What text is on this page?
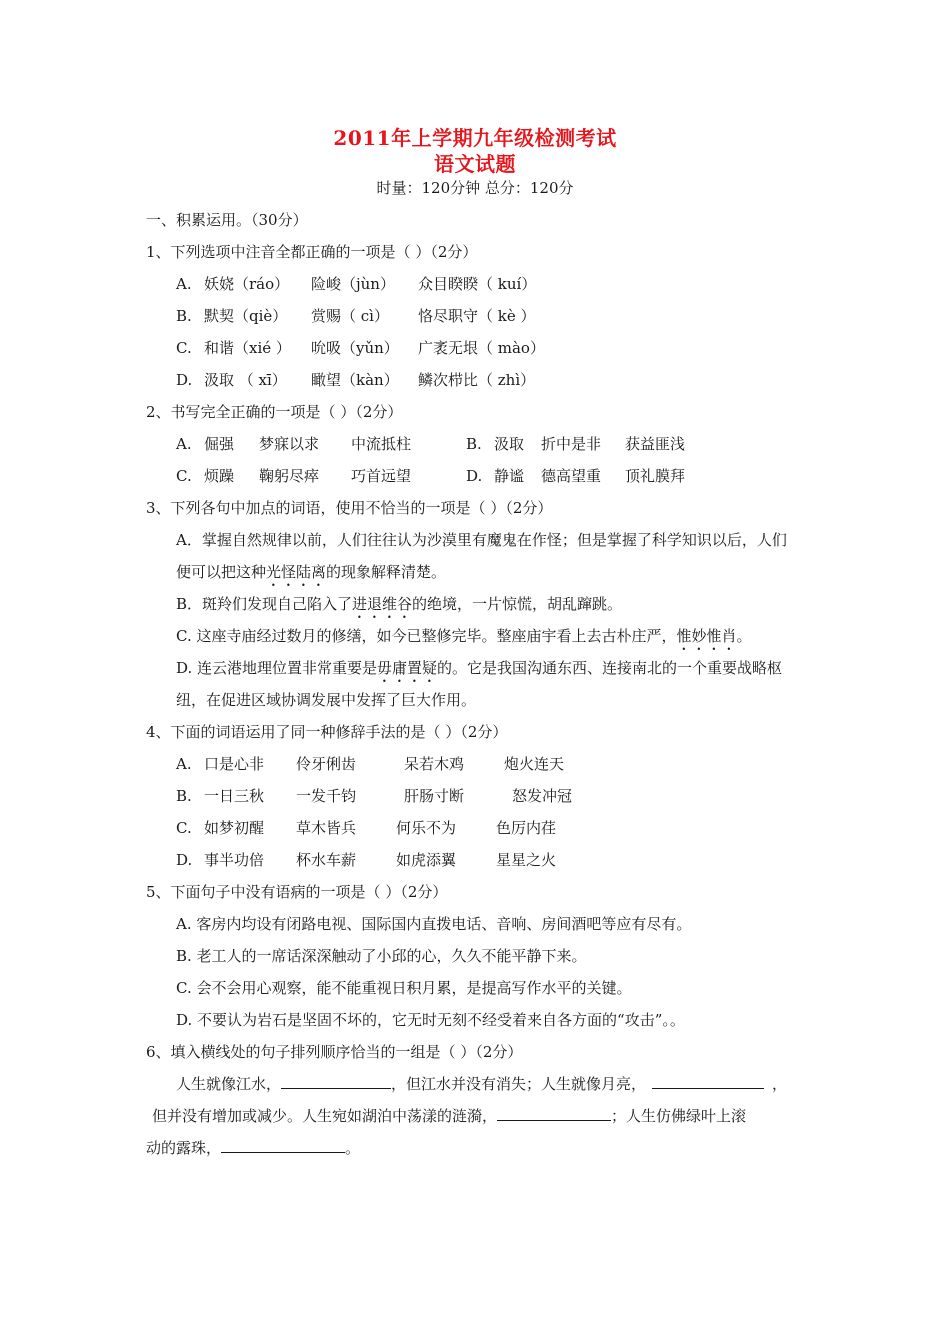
2011年上学期九年级检测考试
语文试题
时量：120分钟 总分：120分
一、积累运用。（30分）
1、下列选项中注音全都正确的一项是（ ）（2分）
A. 妖娆（ráo） 险峻（jùn） 众目睽睽（ kuí）
B. 默契（qiè） 赏赐（ cì） 恪尽职守（ kè ）
C. 和谐（xié ） 吮吸（yǔn） 广袤无垠（ mào）
D. 汲取 （ xī） 瞰望（kàn） 鳞次栉比（ zhì）
2、书写完全正确的一项是（ ）（2分）
A. 倔强 梦寐以求 中流抵柱	B. 汲取 折中是非 获益匪浅
C. 烦躁 鞠躬尽瘁 巧首远望	D. 静谧 德高望重 顶礼膜拜
3、下列各句中加点的词语，使用不恰当的一项是（ ）（2分）
A．掌握自然规律以前，人们往往认为沙漠里有魔鬼在作怪；但是掌握了科学知识以后，人们
便可以把这种光怪陆离的现象解释清楚。
B．斑羚们发现自己陷入了进退维谷的绝境，一片惊慌，胡乱蹿跳。
C. 这座寺庙经过数月的修缮，如今已整修完毕。整座庙宇看上去古朴庄严，惟妙惟肖。
D. 连云港地理位置非常重要是毋庸置疑的。它是我国沟通东西、连接南北的一个重要战略枢
纽，在促进区域协调发展中发挥了巨大作用。
4、下面的词语运用了同一种修辞手法的是（ ）（2分）
A. 口是心非 伶牙俐齿	呆若木鸡	炮火连天
B. 一日三秋 一发千钧	肝肠寸断	怒发冲冠
C. 如梦初醒 草木皆兵	何乐不为	色厉内荏
D. 事半功倍 杯水车薪	如虎添翼	星星之火
5、下面句子中没有语病的一项是（ ）（2分）
A. 客房内均设有闭路电视、国际国内直拨电话、音响、房间酒吧等应有尽有。
B. 老工人的一席话深深触动了小邱的心，久久不能平静下来。
C. 会不会用心观察，能不能重视日积月累，是提高写作水平的关键。
D. 不要认为岩石是坚固不坏的，它无时无刻不经受着来自各方面的“攻击”。。
6、填入横线处的句子排列顺序恰当的一组是（ ）（2分）
人生就像江水，	，但江水并没有消失；人生就像月亮，	，
但并没有增加或减少。人生宛如湖泊中荡漾的涟漪，	；人生仿佛绿叶上滚
动的露珠，	。
